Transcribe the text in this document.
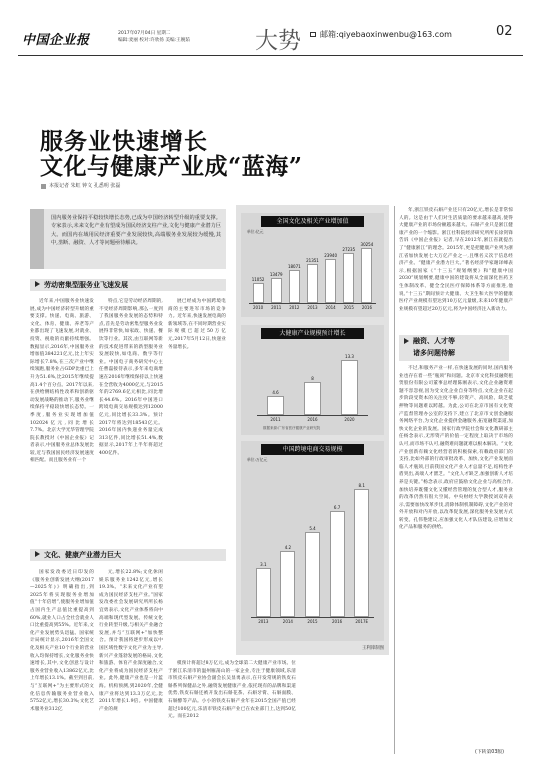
中国企业报	2017年07月04日 星期二
编辑:麦丽 校对:许欣扬 美编:王婉茹	大势 邮箱:qiyebaoxinwenbu@163.com	02
服务业快速增长
文化与健康产业成“蓝海”
本报记者 朱虹 钟文 孔悉明 张磊
国内服务业保持平稳较快增长态势,已成为中国经济转型升级的重要支撑。专家表示,未来文化产业有望成为国民经济支柱产业,文化与健康产业潜力巨大。而国内在域用民经济重要产业发展较快,高端服务业发展较为缓慢,其中,垄断、融资、人才等问题亟待解决。
劳动密集型服务业飞速发展

近年来,中国服务业快速发展,成为中国经济转型升级的重要支撑。快递、电商、旅游、文化、体育、健康、养老等产业都出现了飞速发展,对就业、投资、税收的贡献持续增强。数据显示,2016年,中国服务业增加值384221亿元,比上年实际增长7.8%,在三次产业中继续领跑,服务业占GDP比重已上升为51.6%,比2015年继续提高1.4个百分点。2017年以来,在供给侧结构性改革和创新驱动发展战略的推动下,服务业继续保持平稳较快增长态势。一季度,服务业实现增加值102024亿元,同比增长7.7%。北京大学光华管理学院院长教授对《中国企业报》记者表示,中国服务业总体发展比较,近与我国国民经济发展速度相匹配。而且服务业有一个

特点,它是劳动经济周期的,不受经济周期影响,那么一度到了我国服务业发展的态势和特点,首先是劳动密集型服务业发展得非常快,如家政、快递、餐饮等行业。其次,由互联网等新的技术促进带来的新型服务业发展较快,如电商、数字等行业。中国电子商务研究中心主任曹磊接待表示,多年来电商增速在2016年继续保持以上快速在全营收为4000亿元,与2015年的2769.6亿元相比,同比增长44.6%。2016年中国进口跨境电商交易规模达到12000亿元,同比增长33.3%。预计2017年将达到18543亿元。2016年国内快递业务量完成313亿件,同比增长51.4%,数据显示,2017年上半年将超过400亿件。

展已经成为中国跨境电商的主要进军市场的竞争力。近年来,快速发展电商的新领域等,在不同时期营业实际规模已超过50万亿元,2017年5月12日,快递业务量增长。

文化、健康产业潜力巨大

国家发改委近日印发的《服务业创新发展大纲(2017—2025年)》明确指出,到2025年将实现服务业增加值“十年倍增”,使服务业增加值占国内生产总值比重提高到60%,就业人口占全社会就业人口比重提高到55%。近年来,文化产业发展势头迅猛。国家统计局统计显示,2016年全国文化及相关产业10个行业的营业收入均保持增长,文化服务业快速增长,其中,文化创意与设计服务业营业收入13862亿元,比上年增长13.1%。截至到目前,与“互联网+”为主要形式的文化信息传输服务业营业收入5752亿元,增长30.3%;文化艺术服务业312亿

元,增长22.8%;文化休闲娱乐服务业1242亿元,增长19.3%。“未来文化产业有望成为国民经济支柱产业。”国家发改委社会发展研究所所长杨宜勇表示,文化产业体系将向中高端和现代型发展。传统文化行业转型升级,与相关产业融合发展,并与“互联网+”加快整合。预计我国将逐步形成以中国区域性数字文化产业为主导,新兴产业蓬勃发展的格局,文化和旅游、体育产业深度融合,文化产业将成为国民经济支柱产业。此外,健康产业也是一片蓝海。机构预测,到2020年,全健康产业将达到13.3万亿元,比2011年增长1.9倍。中国健康产业的规

模预计将超过8万亿元,成为全球第二大健康产业市场。位于浙江乐清市的温州雁荡山的一家企业,专注于健康领域,乐清市铁皮石斛产业协会副会长吴显勇表示,在开发常规的铁皮石斛系列保健品之外,融资发展健康产业,依托现有的品牌和渠道优势,铁皮石斛还被开发出石斛花茶、石斛牙膏、石斛面膜、石斛酵等产品。小小的铁皮石斛产业年在2015全国产值已经超过100亿元,乐清市铁皮石斛产业已在农业部门上,达到50亿元。而在2012

全国文化及相关产业增加值
单位:亿元
11052
2010
13479
2011
18071
2012
21351
2013
23940
2014
27235
2015
30254
2016
大健康产业规模预计增长
4.6
2011
8
2016
13.3
2020
数据来源:广东省医疗健康产业研究院
中国跨境电商交易规模
单位:万亿元
3.1
2013
4.2
2014
5.4
2015
6.7
2016
8.1
2017E
王利锋制图

年,浙江铁皮石斛产业还只有20亿元,增长是非常惊人的。这是由于人们对生活质量的要求越来越高,使得大健康产业的市场份额越来越大。石斛产业只是浙江健康产业的一个缩影。浙江社科院经济研究所所长徐剑锋告诉《中国企业报》记者,早在2012年,浙江省就提出了“健康浙江”的理念。2015年,更是把健康产业列为浙江省加快发展七大万亿产业之一,且继名义次于信息经济产业。“健康产业潜力巨大。”著名经济学家谢译峰表示,根据国家《“十三五”规划纲要》和“健康中国2030”规划纲要,健康中国的建设将从全面深化医药卫生体制改革、健全全民医疗保障体系等方面推进,他说,“十三五”期间预计大健康、大卫生和大医学的健康医疗产业规模有望达到10万亿元量级,未来10年健康产业规模有望超过20万亿元,将为中国经济注入新动力。

融资、人才等
诸多问题待解

不过,和服务产业一样,在快速发展的同时,国内服务业也存在着一些“瓶颈”和问题。北京市文化科技融资租赁股份有限公司董事总经理陈刚表示,文化企业融资难题不容忽视,因为受文化企业自身等特点,文化企业在起步阶段受资本的关注度不够,轻资产、高风险、缺乏抵押物等问题难以跨越。为此,公司在北京市国有文化资产监督管理办公室的支持下,建立了北京市文创金融服务网络平台,为文化企业提供金融服务,拓宽融资渠道,加快文化企业的发展。国家行政学院社会和文化教研部主任杨念表示,无形资产的价值一定程度上取决于市场的认可,而市场不认可,融资难问题就难以根本解决。“文化产业创新有赖文化经营者的积极探索,有赖政府部门的支持,比如外部的行政审批改革、加快,文化产业发展面临人才瓶颈,目前我国文化产业人才总量不足,结构性矛盾突出,高端人才匮乏。“文化人才缺乏,加强创新人才培养是关键。”杨念表示,政府应鼓励文化企业与高校合作,加快培养既懂文化又懂经营管理的复合型人才,服务业的改革仍然有很大空间。中央财经大学教授刘双舟表示,需要加快改革步伐,消除体制机制障碍,文化产业的对外开放和对内开放,以改革促发展,深化服务业发展方式转变。孔伟艳建议,应加强文化人才队伍建设,应增加文化产品和服务的供给。

(下转第03版)
